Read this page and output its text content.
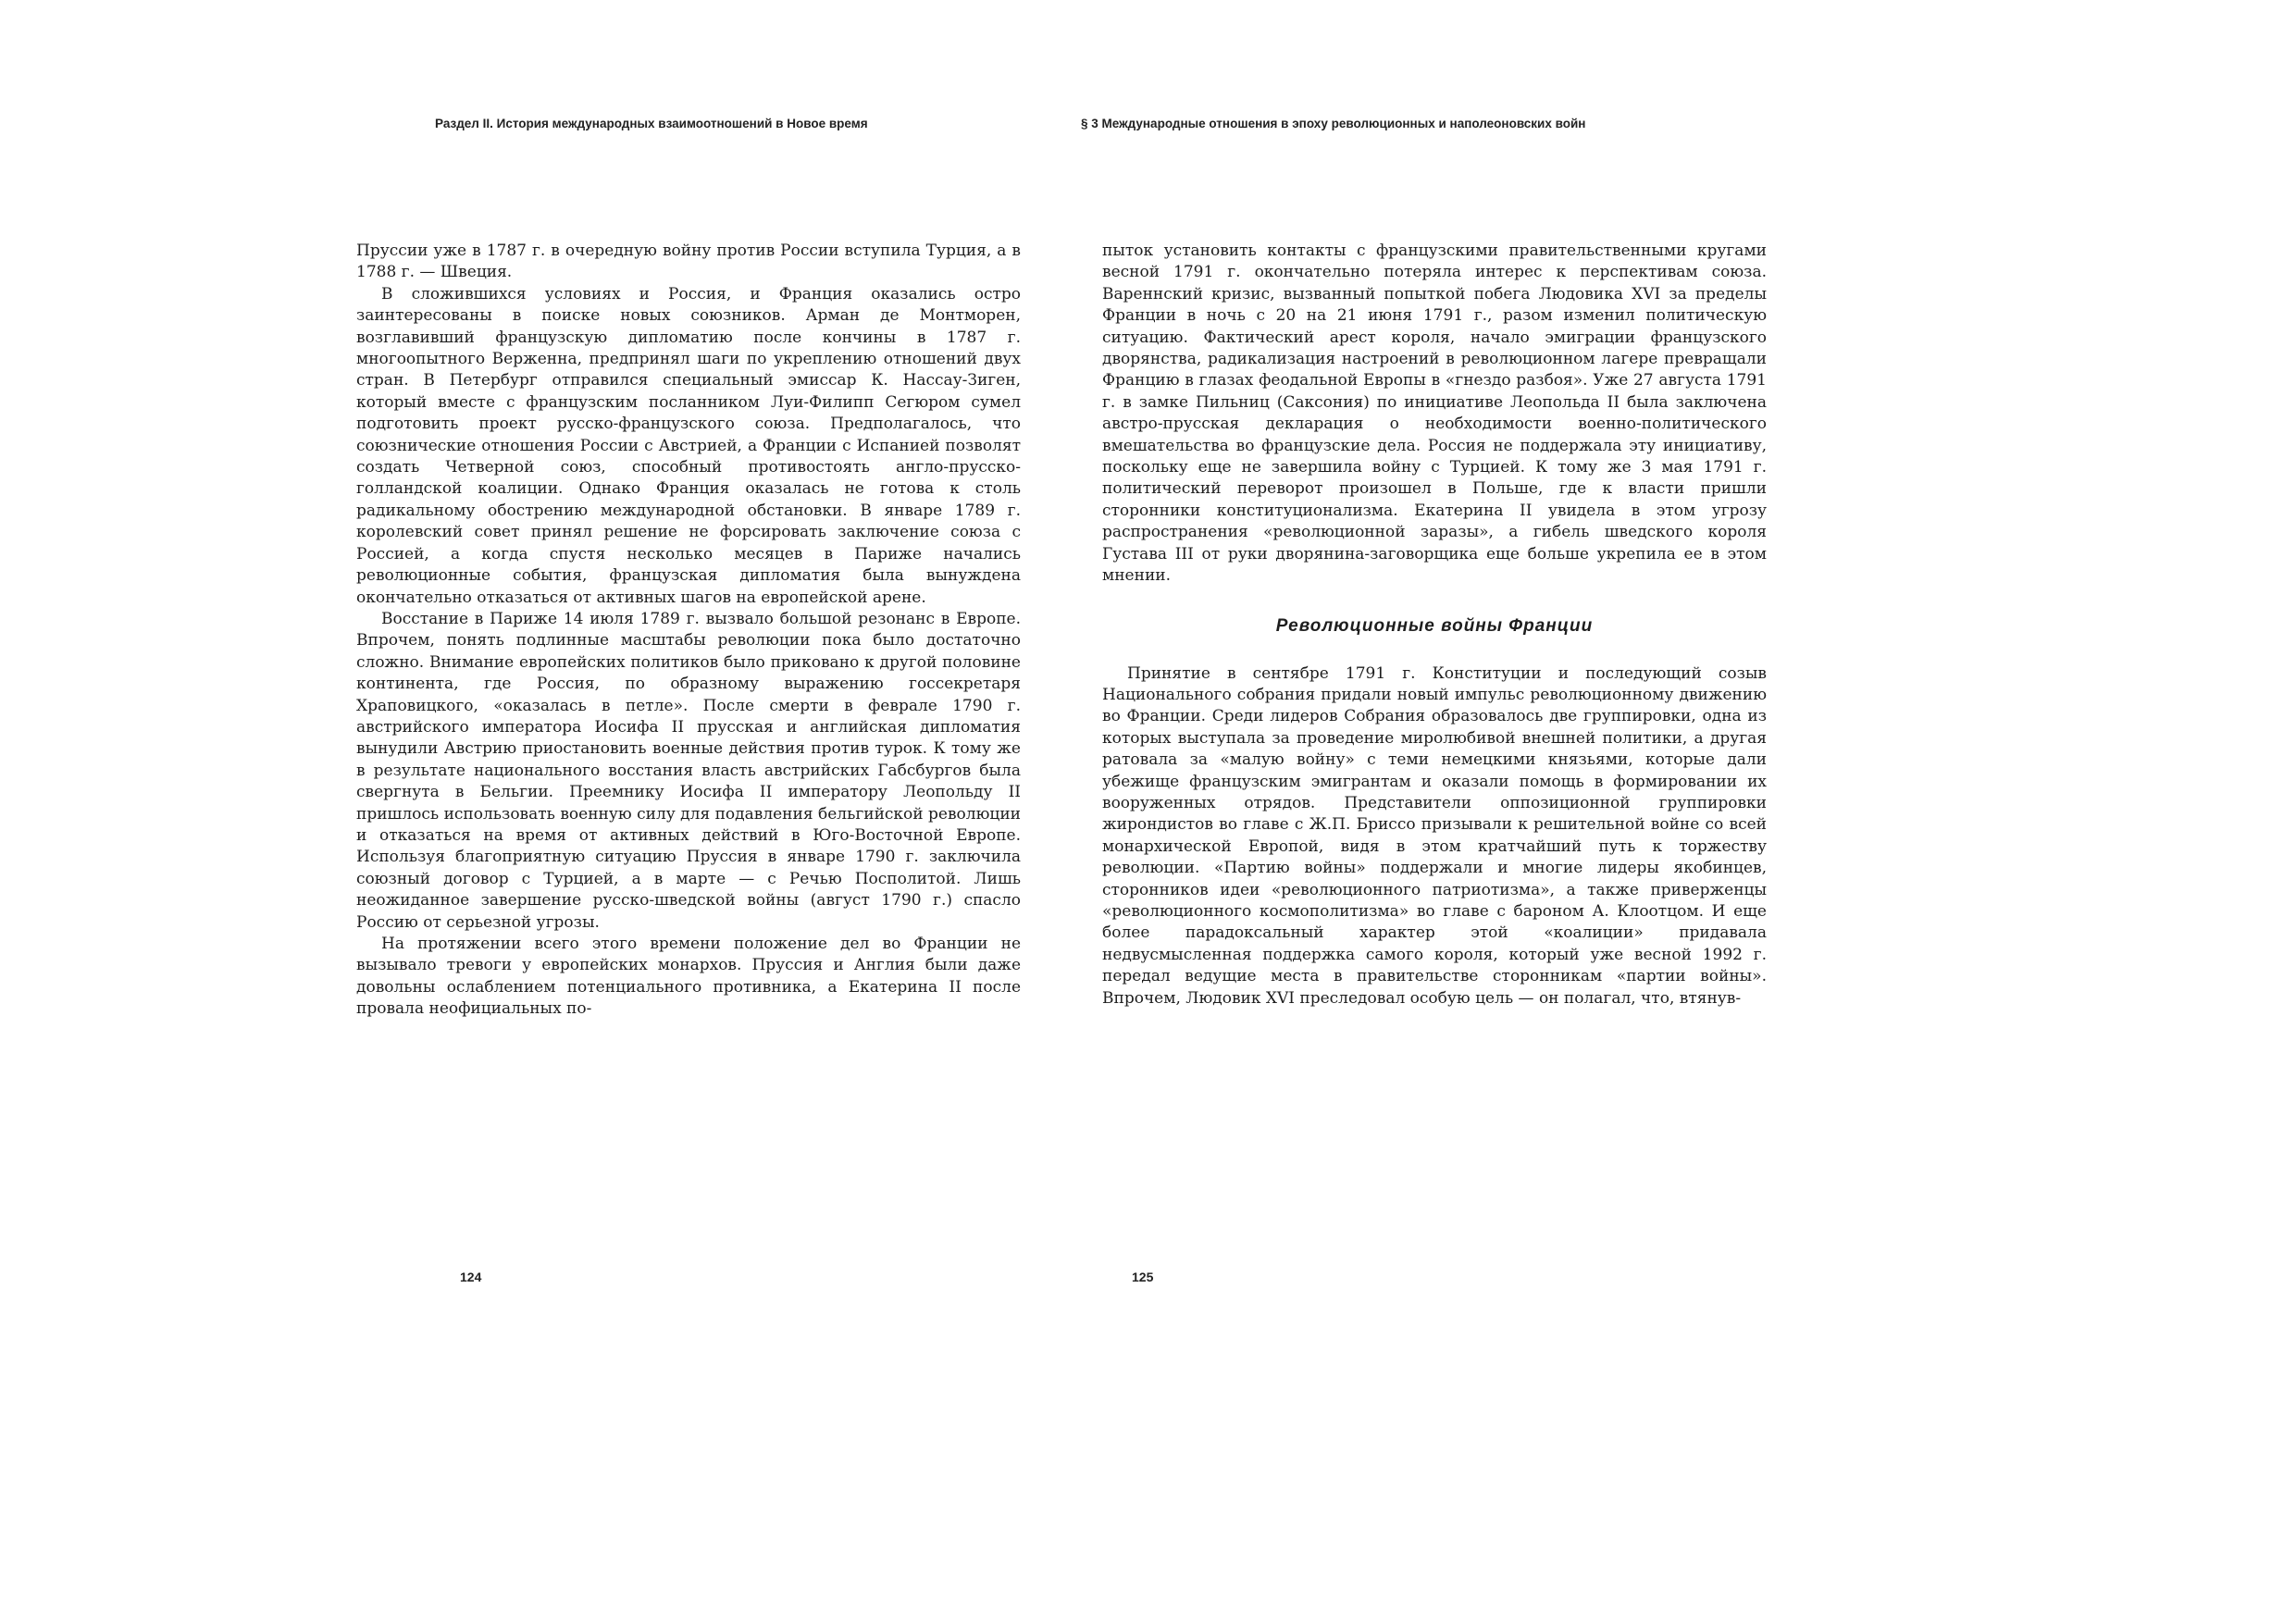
Раздел II. История международных взаимоотношений в Новое время	§ 3 Международные отношения в эпоху революционных и наполеоновских войн

Пруссии уже в 1787 г. в очередную войну против России вступила Турция, а в 1788 г. — Швеция.

В сложившихся условиях и Россия, и Франция оказались остро заинтересованы в поиске новых союзников. Арман де Монтморен, возглавивший французскую дипломатию после кончины в 1787 г. многоопытного Верженна, предпринял шаги по укреплению отношений двух стран. В Петербург отправился специальный эмиссар К. Нассау-Зиген, который вместе с французским посланником Луи-Филипп Сегюром сумел подготовить проект русско-французского союза. Предполагалось, что союзнические отношения России с Австрией, а Франции с Испанией позволят создать Четверной союз, способный противостоять англо-прусско-голландской коалиции. Однако Франция оказалась не готова к столь радикальному обострению международной обстановки. В январе 1789 г. королевский совет принял решение не форсировать заключение союза с Россией, а когда спустя несколько месяцев в Париже начались революционные события, французская дипломатия была вынуждена окончательно отказаться от активных шагов на европейской арене.

Восстание в Париже 14 июля 1789 г. вызвало большой резонанс в Европе. Впрочем, понять подлинные масштабы революции пока было достаточно сложно. Внимание европейских политиков было приковано к другой половине континента, где Россия, по образному выражению госсекретаря Храповицкого, «оказалась в петле». После смерти в феврале 1790 г. австрийского императора Иосифа II прусская и английская дипломатия вынудили Австрию приостановить военные действия против турок. К тому же в результате национального восстания власть австрийских Габсбургов была свергнута в Бельгии. Преемнику Иосифа II императору Леопольду II пришлось использовать военную силу для подавления бельгийской революции и отказаться на время от активных действий в Юго-Восточной Европе. Используя благоприятную ситуацию Пруссия в январе 1790 г. заключила союзный договор с Турцией, а в марте — с Речью Посполитой. Лишь неожиданное завершение русско-шведской войны (август 1790 г.) спасло Россию от серьезной угрозы.

На протяжении всего этого времени положение дел во Франции не вызывало тревоги у европейских монархов. Пруссия и Англия были даже довольны ослаблением потенциального противника, а Екатерина II после провала неофициальных по-

пыток установить контакты с французскими правительственными кругами весной 1791 г. окончательно потеряла интерес к перспективам союза. Вареннский кризис, вызванный попыткой побега Людовика XVI за пределы Франции в ночь с 20 на 21 июня 1791 г., разом изменил политическую ситуацию. Фактический арест короля, начало эмиграции французского дворянства, радикализация настроений в революционном лагере превращали Францию в глазах феодальной Европы в «гнездо разбоя». Уже 27 августа 1791 г. в замке Пильниц (Саксония) по инициативе Леопольда II была заключена австро-прусская декларация о необходимости военно-политического вмешательства во французские дела. Россия не поддержала эту инициативу, поскольку еще не завершила войну с Турцией. К тому же 3 мая 1791 г. политический переворот произошел в Польше, где к власти пришли сторонники конституционализма. Екатерина II увидела в этом угрозу распространения «революционной заразы», а гибель шведского короля Густава III от руки дворянина-заговорщика еще больше укрепила ее в этом мнении.

Революционные войны Франции

Принятие в сентябре 1791 г. Конституции и последующий созыв Национального собрания придали новый импульс революционному движению во Франции. Среди лидеров Собрания образовалось две группировки, одна из которых выступала за проведение миролюбивой внешней политики, а другая ратовала за «малую войну» с теми немецкими князьями, которые дали убежище французским эмигрантам и оказали помощь в формировании их вооруженных отрядов. Представители оппозиционной группировки жирондистов во главе с Ж.П. Бриссо призывали к решительной войне со всей монархической Европой, видя в этом кратчайший путь к торжеству революции. «Партию войны» поддержали и многие лидеры якобинцев, сторонников идеи «революционного патриотизма», а также приверженцы «революционного космополитизма» во главе с бароном А. Клоотцом. И еще более парадоксальный характер этой «коалиции» придавала недвусмысленная поддержка самого короля, который уже весной 1992 г. передал ведущие места в правительстве сторонникам «партии войны». Впрочем, Людовик XVI преследовал особую цель — он полагал, что, втянув-

124	125
